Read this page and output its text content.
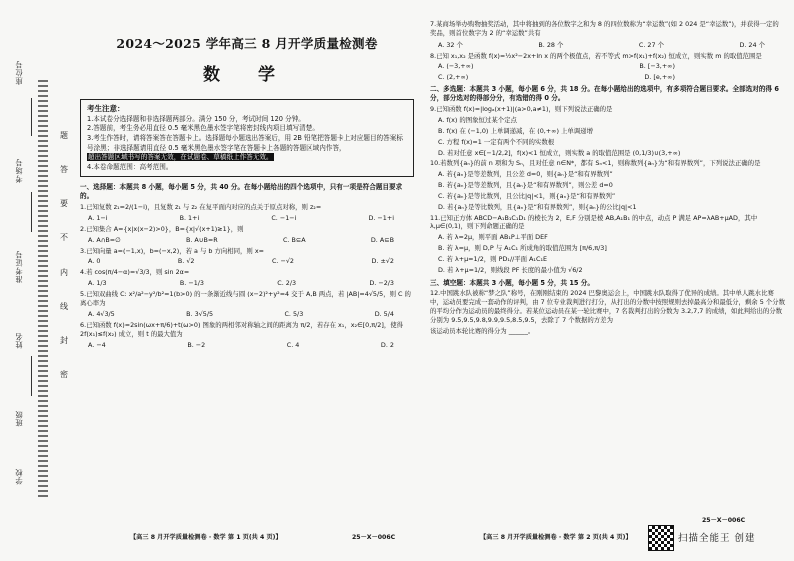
座位号
考场号
准考证号
姓名
班级
学校
题
答
要
不
内
线
封
密
2024～2025 学年高三 8 月开学质量检测卷
数 学
考生注意：
1.本试卷分选择题和非选择题两部分。满分 150 分，考试时间 120 分钟。
2.答题前，考生务必用直径 0.5 毫米黑色墨水签字笔将密封线内项目填写清楚。
3.考生作答时，请将答案答在答题卡上。选择题每小题选出答案后，用 2B 铅笔把答题卡上对应题目的答案标号涂黑；非选择题请用直径 0.5 毫米黑色墨水签字笔在答题卡上各题的答题区域内作答，
超出答题区域书写的答案无效，在试题卷、草稿纸上作答无效。
4.本卷命题范围：高考范围。
一、选择题：本题共 8 小题，每小题 5 分，共 40 分。在每小题给出的四个选项中，只有一项是符合题目要求的。
1.已知复数 z₁=2/(1−i)，且复数 z₁ 与 z₂ 在复平面内对应的点关于原点对称，则 z₂=
A. 1−i	B. 1+i	C. −1−i	D. −1+i
2.已知集合 A={x|x(x−2)>0}，B={x|√(x+1)≥1}，则
A. A∩B=∅	B. A∪B=R	C. B⊆A	D. A⊆B
3.已知向量 a=(−1,x)，b=(−x,2)，若 a 与 b 方向相同，则 x=
A. 0	B. √2	C. −√2	D. ±√2
4.若 cos(π/4−α)=√3/3，则 sin 2α=
A. 1/3	B. −1/3	C. 2/3	D. −2/3
5.已知双曲线 C: x²/a²−y²/b²=1(b>0) 的一条渐近线与圆 (x−2)²+y²=4 交于 A,B 两点，若 |AB|=4√5/5，则 C 的离心率为
A. 4√3/5	B. 3√5/5	C. 5/3	D. 5/4
6.已知函数 f(x)=2sin(ωx+π/6)+t(ω>0) 图象的两相邻对称轴之间的距离为 π/2，若存在 x₁，x₂∈[0,π/2]，使得 2f(x₁)≤f(x₂) 成立，则 t 的最大值为
A. −4	B. −2	C. 4	D. 2
【高三 8 月开学质量检测卷 · 数学 第 1 页(共 4 页)】	25－X－006C
7.某商场举办购物抽奖活动，其中将抽到的各位数字之和为 8 的四位数称为“幸运数”(如 2 024 是“幸运数”)，并获得一定的奖品，则首位数字为 2 的“幸运数”共有
A. 32 个	B. 28 个	C. 27 个	D. 24 个
8.已知 x₁,x₂ 是函数 f(x)=½x²−2x+ln x 的两个极值点，若不等式 m>f(x₁)+f(x₂) 恒成立，则实数 m 的取值范围是
A. (−3,+∞)	B. [−3,+∞)
C. (2,+∞)	D. [e,+∞)
二、多选题：本题共 3 小题，每小题 6 分，共 18 分。在每小题给出的选项中，有多项符合题目要求。全部选对的得 6 分，部分选对的得部分分，有选错的得 0 分。
9.已知函数 f(x)=|logₐ(x+1)|(a>0,a≠1)，则下列说法正确的是
A. f(x) 的图象恒过某个定点
B. f(x) 在 (−1,0) 上单调递减，在 (0,+∞) 上单调递增
C. 方程 f(x)=1 一定有两个不同的实数根
D. 若对任意 x∈[−1/2,2]，f(x)<1 恒成立，则实数 a 的取值范围是 (0,1/3)∪(3,+∞)
10.若数列{aₙ}的前 n 项和为 Sₙ，且对任意 n∈N*，都有 Sₙ<1，则称数列{aₙ}为“和有界数列”，下列说法正确的是
A. 若{aₙ}是等差数列，且公差 d=0，则{aₙ}是“和有界数列”
B. 若{aₙ}是等差数列，且{aₙ}是“和有界数列”，则公差 d=0
C. 若{aₙ}是等比数列，且公比|q|<1，则{aₙ}是“和有界数列”
D. 若{aₙ}是等比数列，且{aₙ}是“和有界数列”，则{aₙ}的公比|q|<1
11.已知正方体 ABCD−A₁B₁C₁D₁ 的棱长为 2，E,F 分别是棱 AB,A₁B₁ 的中点，动点 P 满足 AP=λAB+μAD，其中 λ,μ∈(0,1)，则下列命题正确的是
A. 若 λ=2μ，则平面 AB₁P⊥平面 DEF
B. 若 λ=μ，则 D,P 与 A₁C₁ 所成角的取值范围为 [π/6,π/3]
C. 若 λ+μ=1/2，则 PD₁//平面 A₁C₁E
D. 若 λ+μ=1/2，则线段 PF 长度的最小值为 √6/2
三、填空题：本题共 3 小题，每小题 5 分，共 15 分。
12.中国跳水队被称“梦之队”称号，在刚刚结束的 2024 巴黎奥运会上，中国跳水队取得了优异的成绩。其中单人跳水比赛中，运动员要完成一套动作的评判，由 7 位专业裁判进行打分，从打出的分数中按照规则去掉最高分和最低分，剩余 5 个分数的平均分作为运动员的最终得分。若某位运动员在某一轮比赛中，7 名裁判打出的分数为 3.2,7,7 的成绩，如此判给出的分数分别为 9.5,9.5,9.8,9.9,9.5,8.5,9.5，去除了 7 个数据的方差为
该运动员本轮比赛的得分为 ______。
【高三 8 月开学质量检测卷 · 数学 第 2 页(共 4 页)】
25－X－006C
扫描全能王 创建
